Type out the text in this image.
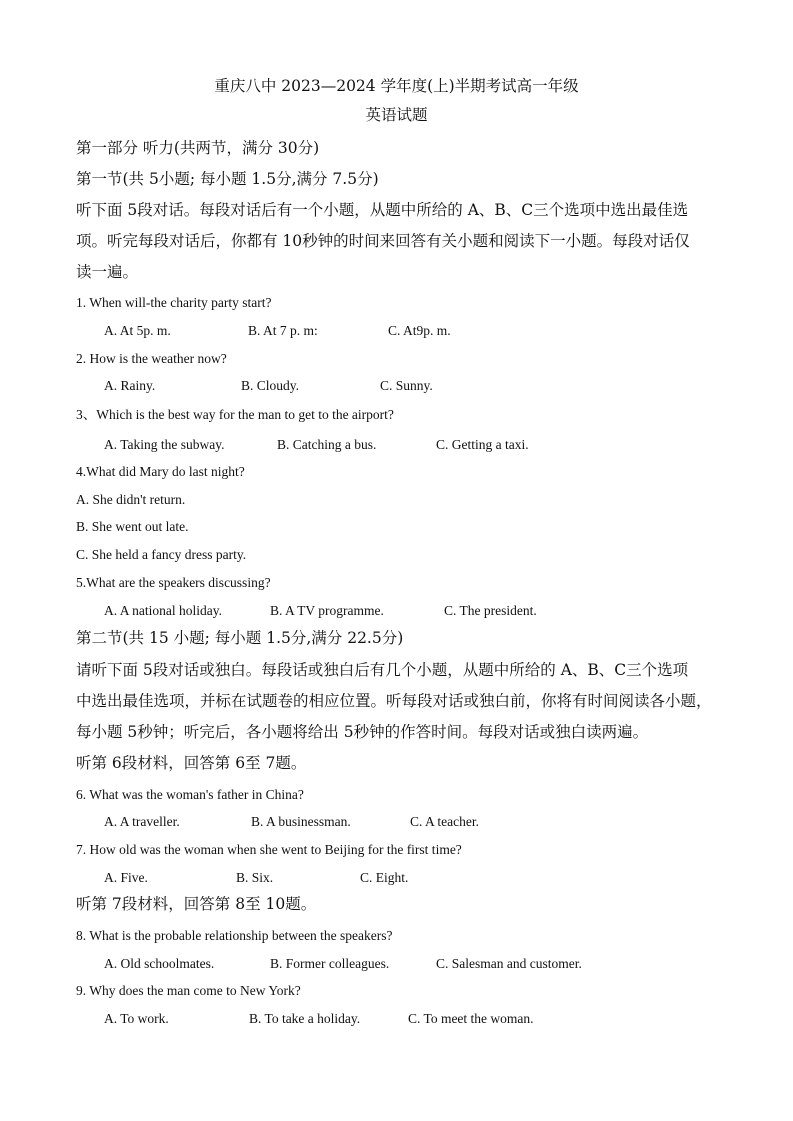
重庆八中 2023—2024 学年度(上)半期考试高一年级
英语试题
第一部分 听力(共两节，满分 30分)
第一节(共 5小题; 每小题 1.5分,满分 7.5分)
听下面 5段对话。每段对话后有一个小题，从题中所给的 A、B、C三个选项中选出最佳选
项。听完每段对话后，你都有 10秒钟的时间来回答有关小题和阅读下一小题。每段对话仅
读一遍。
1. When will-the charity party start?
A. At 5p. m.	B. At 7 p. m:	C. At9p. m.
2. How is the weather now?
A. Rainy.	B. Cloudy.	C. Sunny.
3、Which is the best way for the man to get to the airport?
A. Taking the subway.	B. Catching a bus.	C. Getting a taxi.
4.What did Mary do last night?
A. She didn't return.
B. She went out late.
C. She held a fancy dress party.
5.What are the speakers discussing?
A. A national holiday.	B. A TV programme.	C. The president.
第二节(共 15 小题; 每小题 1.5分,满分 22.5分)
请听下面 5段对话或独白。每段话或独白后有几个小题，从题中所给的 A、B、C三个选项
中选出最佳选项，并标在试题卷的相应位置。听每段对话或独白前，你将有时间阅读各小题，
每小题 5秒钟；听完后，各小题将给出 5秒钟的作答时间。每段对话或独白读两遍。
听第 6段材料，回答第 6至 7题。
6. What was the woman's father in China?
A. A traveller.	B. A businessman.	C. A teacher.
7. How old was the woman when she went to Beijing for the first time?
A. Five.	B. Six.	C. Eight.
听第 7段材料，回答第 8至 10题。
8. What is the probable relationship between the speakers?
A. Old schoolmates.	B. Former colleagues.	C. Salesman and customer.
9. Why does the man come to New York?
A. To work.	B. To take a holiday.	C. To meet the woman.
